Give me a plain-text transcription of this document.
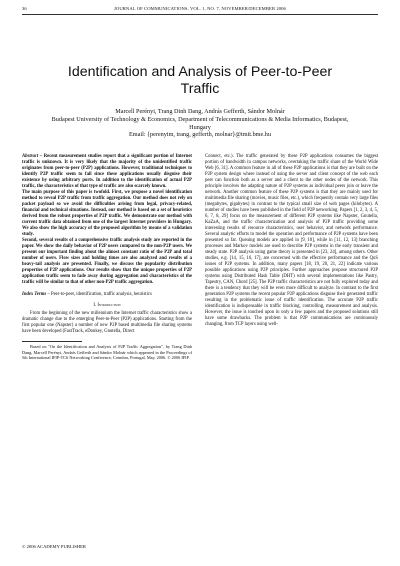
36	JOURNAL OF COMMUNICATIONS, VOL. 1, NO. 7, NOVEMBER/DECEMBER 2006
Identification and Analysis of Peer-to-Peer
Traffic
Marcell Perényi, Trang Dinh Dang, András Gefferth, Sándor Molnár
Budapest University of Technology & Economics, Department of Telecommunications & Media Informatics, Budapest,
Hungary
Email: {perenyim, trang, gefferth, molnar}@tmit.bme.hu

Abstract – Recent measurement studies report that a significant portion of Internet traffic is unknown. It is very likely that the majority of the unidentified traffic originates from peer-to-peer (P2P) applications. However, traditional techniques to identify P2P traffic seem to fail since these applications usually disguise their existence by using arbitrary ports. In addition to the identification of actual P2P traffic, the characteristics of that type of traffic are also scarcely known.

The main purpose of this paper is twofold. First, we propose a novel identification method to reveal P2P traffic from traffic aggregation. Our method does not rely on packet payload so we avoid the difficulties arising from legal, privacy-related, financial and technical situations. Instead, our method is based on a set of heuristics derived from the robust properties of P2P traffic. We demonstrate our method with current traffic data obtained from one of the largest Internet providers in Hungary. We also show the high accuracy of the proposed algorithm by means of a validation study.

Second, several results of a comprehensive traffic analysis study are reported in the paper. We show the daily behavior of P2P users compared to the non-P2P users. We present our important finding about the almost constant ratio of the P2P and total number of users. Flow sizes and holding times are also analyzed and results of a heavy-tail analysis are presented. Finally, we discuss the popularity distribution properties of P2P applications. Our results show that the unique properties of P2P application traffic seem to fade away during aggregation and characteristics of the traffic will be similar to that of other non-P2P traffic aggregation.

Index Terms – Peer-to-peer, identification, traffic analysis, heuristics

I. Introduction

From the beginning of the new millennium the Internet traffic characteristics show a dramatic change due to the emerging Peer-to-Peer (P2P) applications. Starting from the first popular one (Napster) a number of new P2P based multimedia file sharing systems have been developed (FastTrack, eDonkey, Gnutella, Direct

Based on "On the Identification and Analysis of P2P Traffic Aggregation", by Trang Dinh Dang, Marcell Perényi, András Gefferth and Sándor Molnár which appeared in the Proceedings of 5th International IFIP-TC6 Networking Conference, Coimbra, Portugal, May, 2006. © 2006 IFIP.

Connect, etc.). The traffic generated by these P2P applications consumes the biggest portion of bandwidth in campus networks, overtaking the traffic share of the World Wide Web [6, 31]. A common feature in all of these P2P applications is that they are built on the P2P system design where instead of using the server and client concept of the web each peer can function both as a server and a client to the other nodes of the network. This principle involves the adapting nature of P2P systems as individual peers join or leave the network. Another common feature of these P2P systems is that they are mainly used for multimedia file sharing (movies, music files, etc.), which frequently contain very large files (megabytes, gigabytes) in contrast to the typical small size of web pages (kilobytes). A number of studies have been published in the field of P2P networking. Papers [1, 2, 3, 4, 5, 6, 7, 8, 29] focus on the measurement of different P2P systems like Napster, Gnutella, KaZaA, and the traffic characterization and analysis of P2P traffic providing some interesting results of resource characteristics, user behavior, and network performance. Several analytic efforts to model the operation and performance of P2P systems have been presented so far. Queuing models are applied in [9, 10], while in [11, 12, 13] branching processes and Markov models are used to describe P2P systems in the early transient and steady state. P2P analysis using game theory is presented in [23, 24], among others. Other studies, e.g. [14, 15, 16, 17], are concerned with the effective performance and the QoS issues of P2P systems. In addition, many papers [18, 19, 20, 21, 22] indicate various possible applications using P2P principles. Further approaches propose structured P2P systems using Distributed Hash Table (DHT) with several implementations like Pastry, Tapestry, CAN, Chord [25]. The P2P traffic characteristics are not fully explored today and there is a tendency that they will be even more difficult to analyze. In contrast to the first generation P2P systems the recent popular P2P applications disguise their generated traffic resulting in the problematic issue of traffic identification. The accurate P2P traffic identification is indispensable in traffic blocking, controlling, measurement and analysis. However, the issue is touched upon in only a few papers and the proposed solutions still have some drawbacks. The problem is that P2P communications are continuously changing, from TCP layers using well-

© 2006 ACADEMY PUBLISHER
